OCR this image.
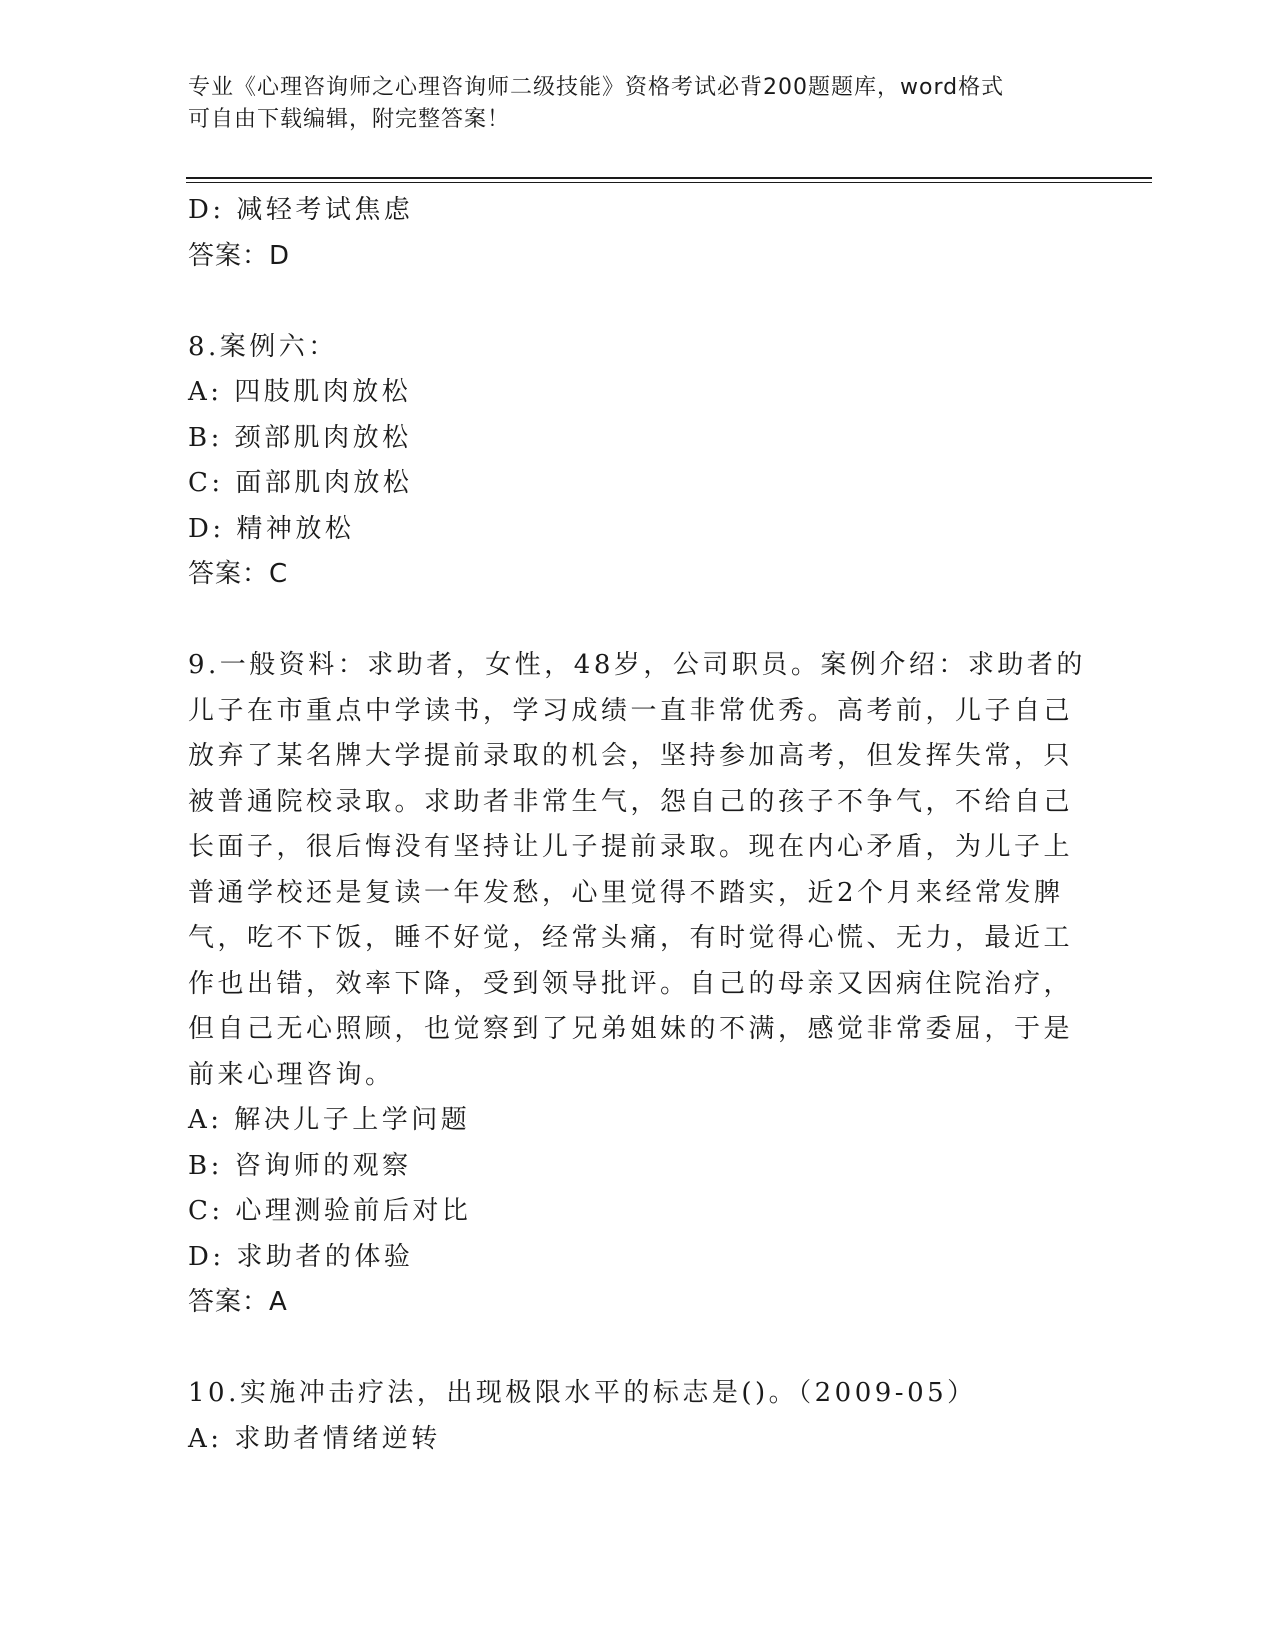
专业《心理咨询师之心理咨询师二级技能》资格考试必背200题题库，word格式
可自由下载编辑，附完整答案！
D: 减轻考试焦虑
答案：D
8.案例六：
A: 四肢肌肉放松
B: 颈部肌肉放松
C: 面部肌肉放松
D: 精神放松
答案：C
9.一般资料：求助者，女性，48岁，公司职员。案例介绍：求助者的
儿子在市重点中学读书，学习成绩一直非常优秀。高考前，儿子自己
放弃了某名牌大学提前录取的机会，坚持参加高考，但发挥失常，只
被普通院校录取。求助者非常生气，怨自己的孩子不争气，不给自己
长面子，很后悔没有坚持让儿子提前录取。现在内心矛盾，为儿子上
普通学校还是复读一年发愁，心里觉得不踏实，近2个月来经常发脾
气，吃不下饭，睡不好觉，经常头痛，有时觉得心慌、无力，最近工
作也出错，效率下降，受到领导批评。自己的母亲又因病住院治疗，
但自己无心照顾，也觉察到了兄弟姐妹的不满，感觉非常委屈，于是
前来心理咨询。
A: 解决儿子上学问题
B: 咨询师的观察
C: 心理测验前后对比
D: 求助者的体验
答案：A
10.实施冲击疗法，出现极限水平的标志是()。（2009-05）
A: 求助者情绪逆转
